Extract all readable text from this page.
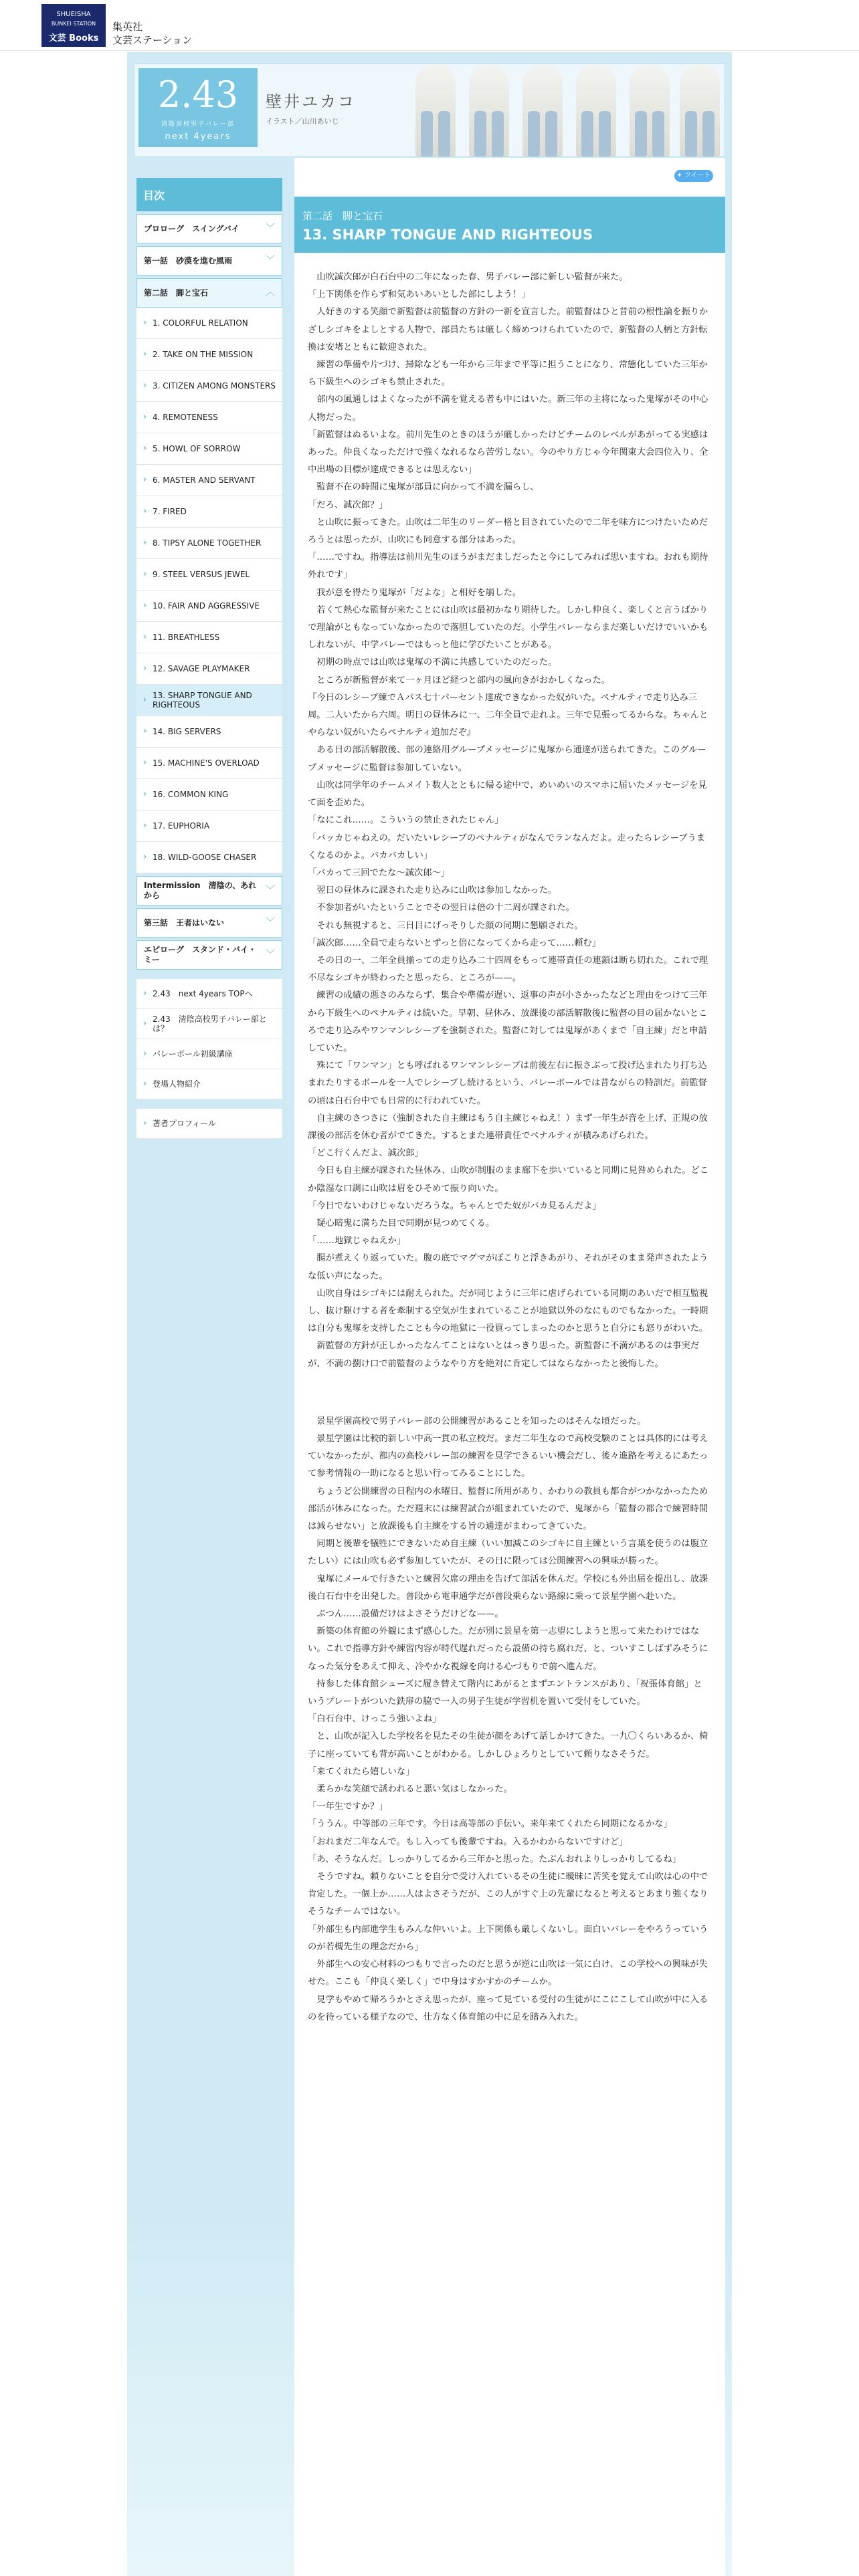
SHUEISHA
BUNKEI STATION
文芸 Books
集英社
文芸ステーション
2.43
清陰高校男子バレー部
next 4years
壁井ユカコ
イラスト／山川あいじ
目次
プロローグ　スイングバイ	﹀
第一話　砂漠を進む風雨	﹀
第二話　脚と宝石	︿
› 1. COLORFUL RELATION
› 2. TAKE ON THE MISSION
› 3. CITIZEN AMONG MONSTERS
› 4. REMOTENESS
› 5. HOWL OF SORROW
› 6. MASTER AND SERVANT
› 7. FIRED
› 8. TIPSY ALONE TOGETHER
› 9. STEEL VERSUS JEWEL
› 10. FAIR AND AGGRESSIVE
› 11. BREATHLESS
› 12. SAVAGE PLAYMAKER
› 13. SHARP TONGUE AND RIGHTEOUS
› 14. BIG SERVERS
› 15. MACHINE'S OVERLOAD
› 16. COMMON KING
› 17. EUPHORIA
› 18. WILD-GOOSE CHASER
Intermission　清陰の、あれから	﹀
第三話　王者はいない	﹀
エピローグ　スタンド・バイ・ミー	﹀
› 2.43　next 4years TOPへ
› 2.43　清陰高校男子バレー部とは？
› バレーボール初級講座
› 登場人物紹介
› 著者プロフィール
✦ ツイート
第二話　脚と宝石
13. SHARP TONGUE AND RIGHTEOUS

　山吹誠次郎が白石台中の二年になった春、男子バレー部に新しい監督が来た。

「上下関係を作らず和気あいあいとした部にしよう！」

　人好きのする笑顔で新監督は前監督の方針の一新を宣言した。前監督はひと昔前の根性論を振りかざしシゴキをよしとする人物で、部員たちは厳しく締めつけられていたので、新監督の人柄と方針転換は安堵とともに歓迎された。

　練習の準備や片づけ、掃除なども一年から三年まで平等に担うことになり、常態化していた三年から下級生へのシゴキも禁止された。

　部内の風通しはよくなったが不満を覚える者も中にはいた。新三年の主将になった鬼塚がその中心人物だった。

「新監督はぬるいよな。前川先生のときのほうが厳しかったけどチームのレベルがあがってる実感はあった。仲良くなっただけで強くなれるなら苦労しない。今のやり方じゃ今年関東大会四位入り、全中出場の目標が達成できるとは思えない」

　監督不在の時間に鬼塚が部員に向かって不満を漏らし、

「だろ、誠次郎？」

　と山吹に振ってきた。山吹は二年生のリーダー格と目されていたので二年を味方につけたいためだろうとは思ったが、山吹にも同意する部分はあった。

「……ですね。指導法は前川先生のほうがまだましだったと今にしてみれば思いますね。おれも期待外れです」

　我が意を得たり鬼塚が「だよな」と相好を崩した。

　若くて熱心な監督が来たことには山吹は最初かなり期待した。しかし仲良く、楽しくと言うばかりで理論がともなっていなかったので落胆していたのだ。小学生バレーならまだ楽しいだけでいいかもしれないが、中学バレーではもっと他に学びたいことがある。

　初期の時点では山吹は鬼塚の不満に共感していたのだった。

　ところが新監督が来て一ヶ月ほど経つと部内の風向きがおかしくなった。

『今日のレシーブ練でＡパス七十パーセント達成できなかった奴がいた。ペナルティで走り込み三周。二人いたから六周。明日の昼休みに一、二年全員で走れよ。三年で見張ってるからな。ちゃんとやらない奴がいたらペナルティ追加だぞ』

　ある日の部活解散後、部の連絡用グループメッセージに鬼塚から通達が送られてきた。このグループメッセージに監督は参加していない。

　山吹は同学年のチームメイト数人とともに帰る途中で、めいめいのスマホに届いたメッセージを見て面を歪めた。

「なにこれ……。こういうの禁止されたじゃん」

「バッカじゃねえの。だいたいレシーブのペナルティがなんでランなんだよ。走ったらレシーブうまくなるのかよ。バカバカしい」

「バカって三回でたな〜誠次郎〜」

　翌日の昼休みに課された走り込みに山吹は参加しなかった。

　不参加者がいたということでその翌日は倍の十二周が課された。

　それも無視すると、三日目にげっそりした顔の同期に懇願された。

「誠次郎……全員で走らないとずっと倍になってくから走って……頼む」

　その日の一、二年全員揃っての走り込み二十四周をもって連帯責任の連鎖は断ち切れた。これで理不尽なシゴキが終わったと思ったら、ところが——。

　練習の成績の悪さのみならず、集合や準備が遅い、返事の声が小さかったなどと理由をつけて三年から下級生へのペナルティは続いた。早朝、昼休み、放課後の部活解散後に監督の目の届かないところで走り込みやワンマンレシーブを強制された。監督に対しては鬼塚があくまで「自主練」だと申請していた。

　殊にて「ワンマン」とも呼ばれるワンマンレシーブは前後左右に振さぶって投げ込まれたり打ち込まれたりするボールを一人でレシーブし続けるという、バレーボールでは昔ながらの特訓だ。前監督の頃は白石台中でも日常的に行われていた。

　自主練のさつさに（強制された自主練はもう自主練じゃねえ！）まず一年生が音を上げ、正規の放課後の部活を休む者がでてきた。するとまた連帯責任でペナルティが積みあげられた。

「どこ行くんだよ、誠次郎」

　今日も自主練が課された昼休み、山吹が制服のまま廊下を歩いていると同期に見咎められた。どこか陰湿な口調に山吹は眉をひそめて振り向いた。

「今日でないわけじゃないだろうな。ちゃんとでた奴がバカ見るんだよ」

　疑心暗鬼に満ちた目で同期が見つめてくる。

「……地獄じゃねえか」

　腸が煮えくり返っていた。腹の底でマグマがぼこりと浮きあがり、それがそのまま発声されたような低い声になった。

　山吹自身はシゴキには耐えられた。だが同じように三年に虐げられている同期のあいだで相互監視し、抜け駆けする者を牽制する空気が生まれていることが地獄以外のなにものでもなかった。一時期は自分も鬼塚を支持したことも今の地獄に一役買ってしまったのかと思うと自分にも怒りがわいた。

　新監督の方針が正しかったなんてことはないとはっきり思った。新監督に不満があるのは事実だが、不満の捌け口で前監督のようなやり方を絶対に肯定してはならなかったと後悔した。

　景星学園高校で男子バレー部の公開練習があることを知ったのはそんな頃だった。

　景星学園は比較的新しい中高一貫の私立校だ。まだ二年生なので高校受験のことは具体的には考えていなかったが、都内の高校バレー部の練習を見学できるいい機会だし、後々進路を考えるにあたって参考情報の一助になると思い行ってみることにした。

　ちょうど公開練習の日程内の水曜日、監督に所用があり、かわりの教員も都合がつかなかったため部活が休みになった。ただ週末には練習試合が組まれていたので、鬼塚から「監督の都合で練習時間は減らせない」と放課後も自主練をする旨の通達がまわってきていた。

　同期と後輩を犠牲にできないため自主練（いい加減このシゴキに自主練という言葉を使うのは腹立たしい）には山吹も必ず参加していたが、その日に限っては公開練習への興味が勝った。

　鬼塚にメールで行きたいと練習欠席の理由を告げて部活を休んだ。学校にも外出届を提出し、放課後白石台中を出発した。普段から電車通学だが普段乗らない路線に乗って景星学園へ赴いた。

　ぶつん……設備だけはよさそうだけどな——。

　新築の体育館の外観にまず感心した。だが別に景星を第一志望にしようと思って来たわけではない。これで指導方針や練習内容が時代遅れだったら設備の持ち腐れだ、と、ついすこしばずみそうになった気分をあえて抑え、冷やかな視線を向ける心づもりで前へ進んだ。

　持参した体育館シューズに履き替えて階内にあがるとまずエントランスがあり、「祝張体育館」というプレートがついた鉄扉の脇で一人の男子生徒が学習机を置いて受付をしていた。

「白石台中、けっこう強いよね」

　と、山吹が記入した学校名を見たその生徒が顔をあげて話しかけてきた。一九〇くらいあるか、椅子に座っていても背が高いことがわかる。しかしひょろりとしていて頼りなさそうだ。

「来てくれたら嬉しいな」

　柔らかな笑顔で誘われると悪い気はしなかった。

「一年生ですか？」

「ううん。中等部の三年です。今日は高等部の手伝い。来年来てくれたら同期になるかな」

「おれまだ二年なんで。もし入っても後輩ですね。入るかわからないですけど」

「あ、そうなんだ。しっかりしてるから三年かと思った。たぶんおれよりしっかりしてるね」

　そうですね。頼りないことを自分で受け入れているその生徒に曖昧に苦笑を覚えて山吹は心の中で肯定した。一個上か……人はよさそうだが、この人がすぐ上の先輩になると考えるとあまり強くなりそうなチームではない。

「外部生も内部進学生もみんな仲いいよ。上下関係も厳しくないし。面白いバレーをやろうっていうのが若槻先生の理念だから」

　外部生への安心材料のつもりで言ったのだと思うが逆に山吹は一気に白け、この学校への興味が失せた。ここも「仲良く楽しく」で中身はすかすかのチームか。

　見学もやめて帰ろうかとさえ思ったが、座って見ている受付の生徒がにこにこして山吹が中に入るのを待っている様子なので、仕方なく体育館の中に足を踏み入れた。
